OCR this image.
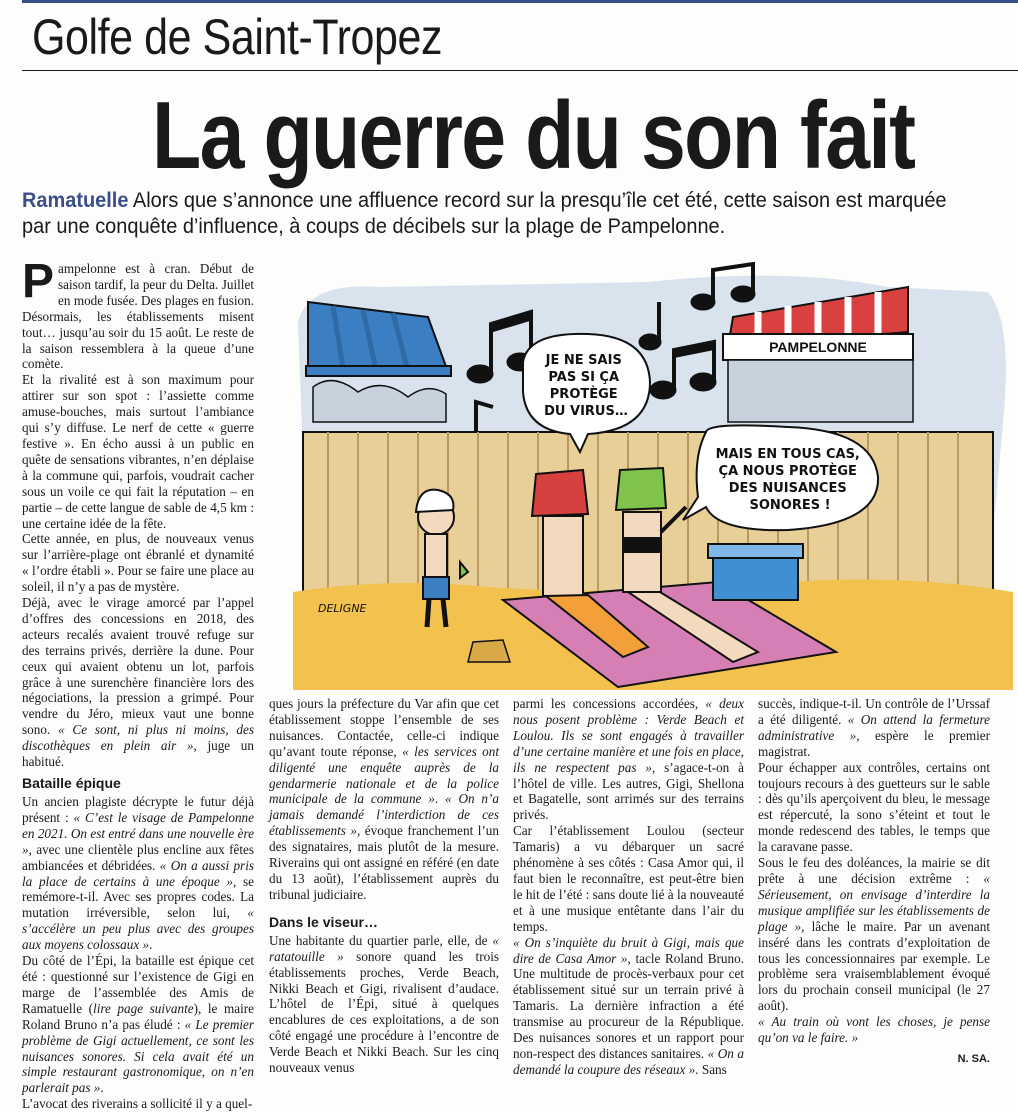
Golfe de Saint-Tropez
La guerre du son fait
Ramatuelle Alors que s’annonce une affluence record sur la presqu’île cet été, cette saison est marquée par une conquête d’influence, à coups de décibels sur la plage de Pampelonne.

Pampelonne est à cran. Début de saison tardif, la peur du Delta. Juillet en mode fusée. Des plages en fusion. Désormais, les établissements misent tout… jusqu’au soir du 15 août. Le reste de la saison ressemblera à la queue d’une comète.

Et la rivalité est à son maximum pour attirer sur son spot : l’assiette comme amuse-bouches, mais surtout l’ambiance qui s’y diffuse. Le nerf de cette « guerre festive ». En écho aussi à un public en quête de sensations vibrantes, n’en déplaise à la commune qui, parfois, voudrait cacher sous un voile ce qui fait la réputation – en partie – de cette langue de sable de 4,5 km : une certaine idée de la fête.

Cette année, en plus, de nouveaux venus sur l’arrière-plage ont ébranlé et dynamité « l’ordre établi ». Pour se faire une place au soleil, il n’y a pas de mystère.

Déjà, avec le virage amorcé par l’appel d’offres des concessions en 2018, des acteurs recalés avaient trouvé refuge sur des terrains privés, derrière la dune. Pour ceux qui avaient obtenu un lot, parfois grâce à une surenchère financière lors des négociations, la pression a grimpé. Pour vendre du Jéro, mieux vaut une bonne sono. « Ce sont, ni plus ni moins, des discothèques en plein air », juge un habitué.

Bataille épique

Un ancien plagiste décrypte le futur déjà présent : « C’est le visage de Pampelonne en 2021. On est entré dans une nouvelle ère », avec une clientèle plus encline aux fêtes ambiancées et débridées. « On a aussi pris la place de certains à une époque », se remémore-t-il. Avec ses propres codes. La mutation irréversible, selon lui, « s’accélère un peu plus avec des groupes aux moyens colossaux ».

Du côté de l’Épi, la bataille est épique cet été : questionné sur l’existence de Gigi en marge de l’assemblée des Amis de Ramatuelle (lire page suivante), le maire Roland Bruno n’a pas éludé : « Le premier problème de Gigi actuellement, ce sont les nuisances sonores. Si cela avait été un simple restaurant gastronomique, on n’en parlerait pas ».

L’avocat des riverains a sollicité il y a quel-

ques jours la préfecture du Var afin que cet établissement stoppe l’ensemble de ses nuisances. Contactée, celle-ci indique qu’avant toute réponse, « les services ont diligenté une enquête auprès de la gendarmerie nationale et de la police municipale de la commune ». « On n’a jamais demandé l’interdiction de ces établissements », évoque franchement l’un des signataires, mais plutôt de la mesure. Riverains qui ont assigné en référé (en date du 13 août), l’établissement auprès du tribunal judiciaire.

Dans le viseur…

Une habitante du quartier parle, elle, de « ratatouille » sonore quand les trois établissements proches, Verde Beach, Nikki Beach et Gigi, rivalisent d’audace. L’hôtel de l’Épi, situé à quelques encablures de ces exploitations, a de son côté engagé une procédure à l’encontre de Verde Beach et Nikki Beach. Sur les cinq nouveaux venus

parmi les concessions accordées, « deux nous posent problème : Verde Beach et Loulou. Ils se sont engagés à travailler d’une certaine manière et une fois en place, ils ne respectent pas », s’agace-t-on à l’hôtel de ville. Les autres, Gigi, Shellona et Bagatelle, sont arrimés sur des terrains privés.

Car l’établissement Loulou (secteur Tamaris) a vu débarquer un sacré phénomène à ses côtés : Casa Amor qui, il faut bien le reconnaître, est peut-être bien le hit de l’été : sans doute lié à la nouveauté et à une musique entêtante dans l’air du temps.

« On s’inquiète du bruit à Gigi, mais que dire de Casa Amor », tacle Roland Bruno. Une multitude de procès-verbaux pour cet établissement situé sur un terrain privé à Tamaris. La dernière infraction a été transmise au procureur de la République. Des nuisances sonores et un rapport pour non-respect des distances sanitaires. « On a demandé la coupure des réseaux ». Sans

succès, indique-t-il. Un contrôle de l’Urssaf a été diligenté. « On attend la fermeture administrative », espère le premier magistrat.

Pour échapper aux contrôles, certains ont toujours recours à des guetteurs sur le sable : dès qu’ils aperçoivent du bleu, le message est répercuté, la sono s’éteint et tout le monde redescend des tables, le temps que la caravane passe.

Sous le feu des doléances, la mairie se dit prête à une décision extrême : « Sérieusement, on envisage d’interdire la musique amplifiée sur les établissements de plage », lâche le maire. Par un avenant inséré dans les contrats d’exploitation de tous les concessionnaires par exemple. Le problème sera vraisemblablement évoqué lors du prochain conseil municipal (le 27 août).

« Au train où vont les choses, je pense qu’on va le faire. »

N. SA.
PAMPELONNE
JE NE SAIS PAS SI ÇA PROTÈGE DU VIRUS…
MAIS EN TOUS CAS, ÇA NOUS PROTÈGE DES NUISANCES SONORES !
DELIGNE
